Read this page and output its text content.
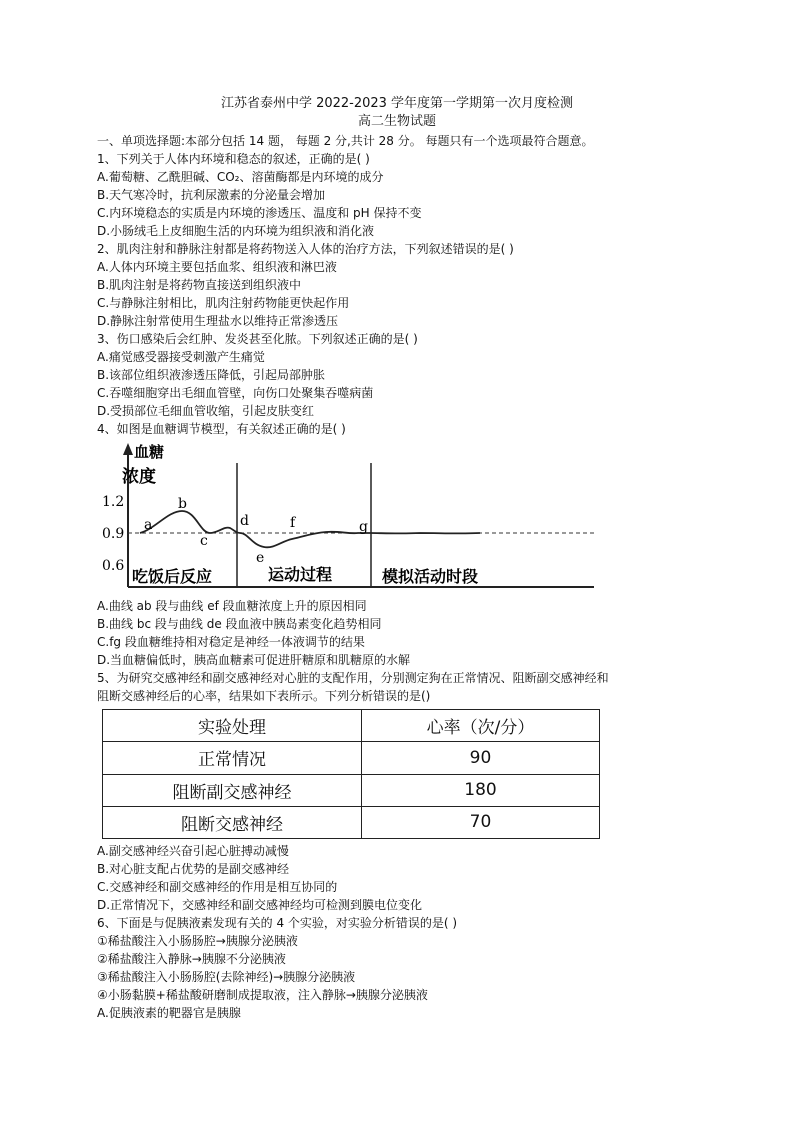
江苏省泰州中学 2022-2023 学年度第一学期第一次月度检测
高二生物试题
一、单项选择题:本部分包括 14 题， 每题 2 分,共计 28 分。 每题只有一个选项最符合题意。
1、下列关于人体内环境和稳态的叙述，正确的是( )
A.葡萄糖、乙酰胆碱、CO₂、溶菌酶都是内环境的成分
B.天气寒冷时，抗利尿激素的分泌量会增加
C.内环境稳态的实质是内环境的渗透压、温度和 pH 保持不变
D.小肠绒毛上皮细胞生活的内环境为组织液和消化液
2、肌肉注射和静脉注射都是将药物送入人体的治疗方法，下列叙述错误的是( )
A.人体内环境主要包括血浆、组织液和淋巴液
B.肌肉注射是将药物直接送到组织液中
C.与静脉注射相比，肌肉注射药物能更快起作用
D.静脉注射常使用生理盐水以维持正常渗透压
3、伤口感染后会红肿、发炎甚至化脓。下列叙述正确的是( )
A.痛觉感受器接受刺激产生痛觉
B.该部位组织液渗透压降低，引起局部肿胀
C.吞噬细胞穿出毛细血管壁，向伤口处聚集吞噬病菌
D.受损部位毛细血管收缩，引起皮肤变红
4、如图是血糖调节模型，有关叙述正确的是( )
血糖
浓度
1.2
0.9
0.6
a
b
c
d
e
f	g
吃饭后反应	运动过程	模拟活动时段
A.曲线 ab 段与曲线 ef 段血糖浓度上升的原因相同
B.曲线 bc 段与曲线 de 段血液中胰岛素变化趋势相同
C.fg 段血糖维持相对稳定是神经一体液调节的结果
D.当血糖偏低时，胰高血糖素可促进肝糖原和肌糖原的水解
5、为研究交感神经和副交感神经对心脏的支配作用，分别测定狗在正常情况、阻断副交感神经和
阻断交感神经后的心率，结果如下表所示。下列分析错误的是()
实验处理	心率（次/分）
正常情况	90
阻断副交感神经	180
阻断交感神经	70
A.副交感神经兴奋引起心脏搏动减慢
B.对心脏支配占优势的是副交感神经
C.交感神经和副交感神经的作用是相互协同的
D.正常情况下，交感神经和副交感神经均可检测到膜电位变化
6、下面是与促胰液素发现有关的 4 个实验，对实验分析错误的是( )
①稀盐酸注入小肠肠腔→胰腺分泌胰液
②稀盐酸注入静脉→胰腺不分泌胰液
③稀盐酸注入小肠肠腔(去除神经)→胰腺分泌胰液
④小肠黏膜+稀盐酸研磨制成提取液，注入静脉→胰腺分泌胰液
A.促胰液素的靶器官是胰腺
